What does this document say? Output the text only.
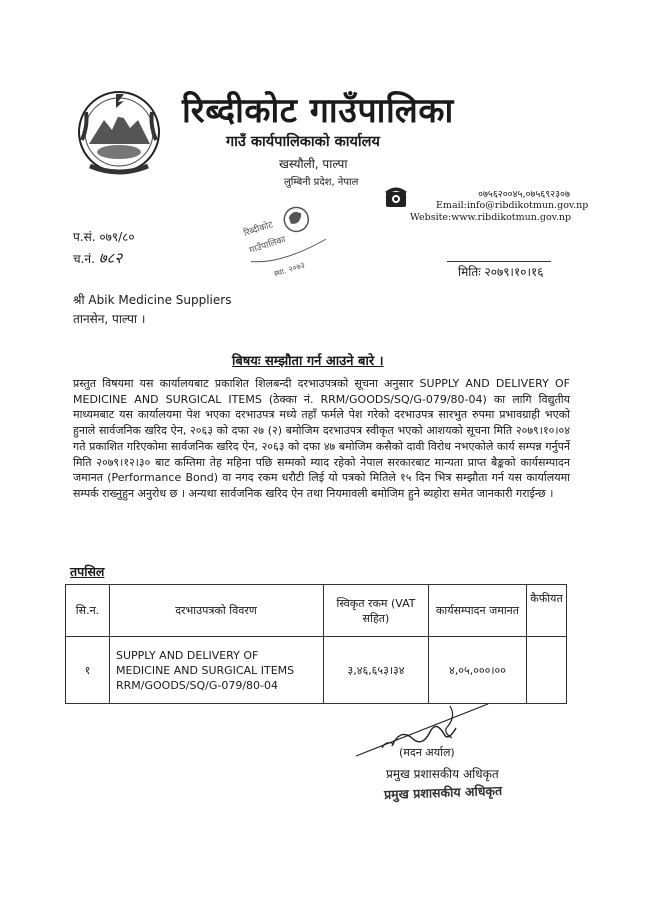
रिब्दीकोट गाउँपालिका
गाउँ कार्यपालिकाको कार्यालय
खस्यौली, पाल्पा
लुम्बिनी प्रदेश, नेपाल
०७५६२००४५,०७५६९२३०७
Email:info@ribdikotmun.gov.np
Website:www.ribdikotmun.gov.np
रिब्दीकोट
गाउँपालिका
स्था. २०७३
प.सं. ०७९/८०
च.नं. ७८२
मितिः २०७९।१०।१६
श्री Abik Medicine Suppliers
तानसेन, पाल्पा ।
बिषयः सम्झौता गर्न आउने बारे ।
प्रस्तुत विषयमा यस कार्यालयबाट प्रकाशित शिलबन्दी दरभाउपत्रको सूचना अनुसार SUPPLY AND DELIVERY OF MEDICINE AND SURGICAL ITEMS (ठेक्का नं. RRM/GOODS/SQ/G-079/80-04) का लागि विद्युतीय माध्यमबाट यस कार्यालयमा पेश भएका दरभाउपत्र मध्ये तहाँ फर्मले पेश गरेको दरभाउपत्र सारभुत रुपमा प्रभावग्राही भएको हुनाले सार्वजनिक खरिद ऐन, २०६३ को दफा २७ (२) बमोजिम दरभाउपत्र स्वीकृत भएको आशयको सूचना मिति २०७९।१०।०४ गते प्रकाशित गरिएकोमा सार्वजनिक खरिद ऐन, २०६३ को दफा ४७ बमोजिम कसैको दावी विरोध नभएकोले कार्य सम्पन्न गर्नुपर्ने मिति २०७९।१२।३० बाट कम्तिमा तेह महिना पछि सम्मको म्याद रहेको नेपाल सरकारबाट मान्यता प्राप्त बैङ्कको कार्यसम्पादन जमानत (Performance Bond) वा नगद रकम धरौटी लिई यो पत्रको मितिले १५ दिन भित्र सम्झौता गर्न यस कार्यालयमा सम्पर्क राख्नुहुन अनुरोध छ । अन्यथा सार्वजनिक खरिद ऐन तथा नियमावली बमोजिम हुने ब्यहोरा समेत जानकारी गराईन्छ ।
तपसिल
सि.न.	दरभाउपत्रको विवरण	स्विकृत रकम (VAT सहित)	कार्यसम्पादन जमानत	कैफीयत
१	SUPPLY AND DELIVERY OF
MEDICINE AND SURGICAL ITEMS
RRM/GOODS/SQ/G-079/80-04	३,४६,६५३।३४	४,०५,०००।००	
(मदन अर्याल)
प्रमुख प्रशासकीय अधिकृत
प्रमुख प्रशासकीय अधिकृत
